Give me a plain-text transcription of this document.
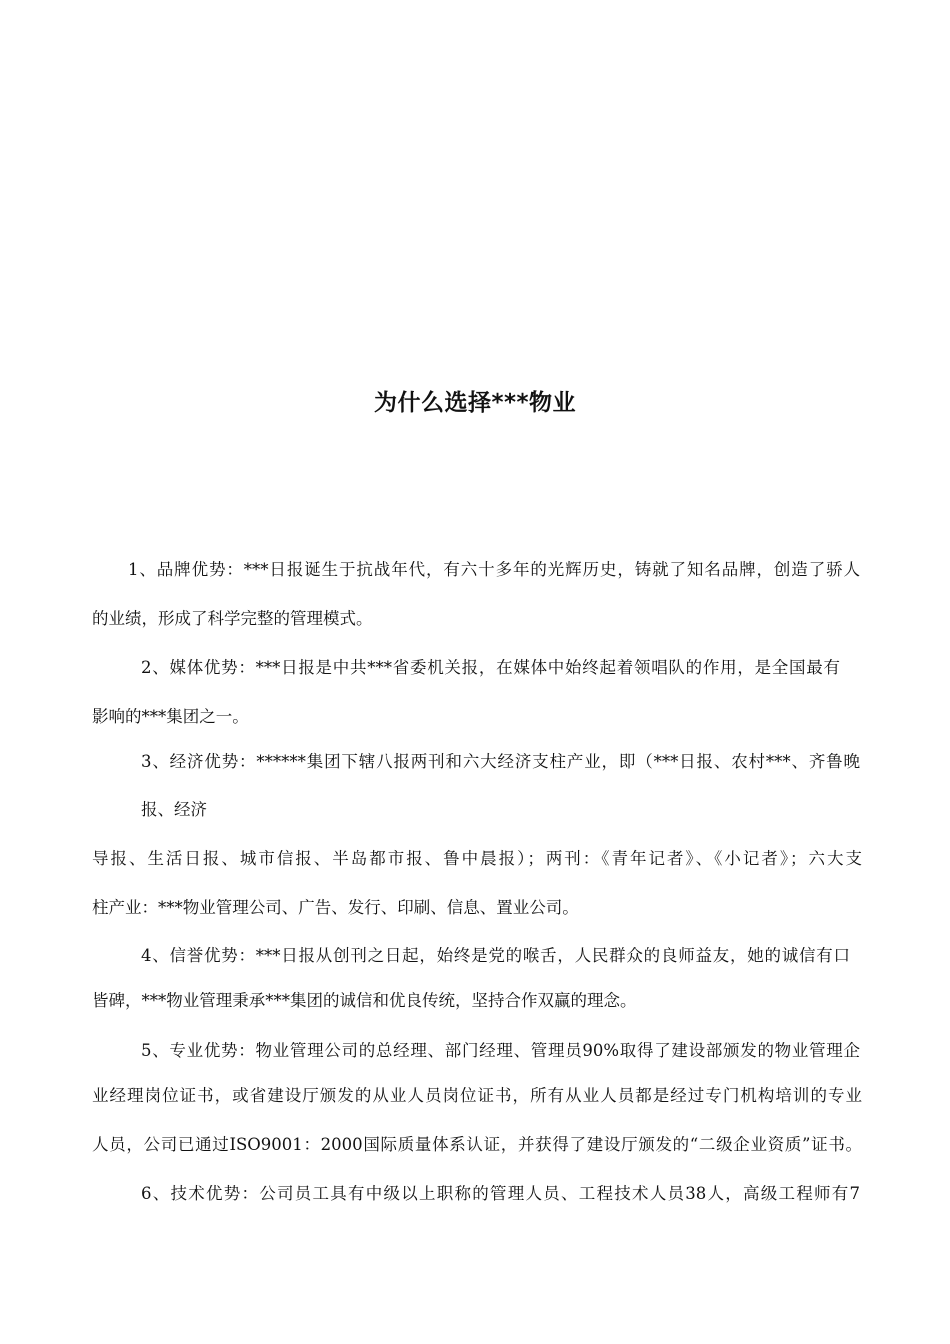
为什么选择***物业
1、品牌优势：***日报诞生于抗战年代，有六十多年的光辉历史，铸就了知名品牌，创造了骄人
的业绩，形成了科学完整的管理模式。
2、媒体优势：***日报是中共***省委机关报，在媒体中始终起着领唱队的作用，是全国最有
影响的***集团之一。
3、经济优势：******集团下辖八报两刊和六大经济支柱产业，即（***日报、农村***、齐鲁晚
报、经济
导报、生活日报、城市信报、半岛都市报、鲁中晨报）；两刊：《青年记者》、《小记者》；六大支
柱产业：***物业管理公司、广告、发行、印刷、信息、置业公司。
4、信誉优势：***日报从创刊之日起，始终是党的喉舌，人民群众的良师益友，她的诚信有口
皆碑，***物业管理秉承***集团的诚信和优良传统，坚持合作双赢的理念。
5、专业优势：物业管理公司的总经理、部门经理、管理员90%取得了建设部颁发的物业管理企
业经理岗位证书，或省建设厅颁发的从业人员岗位证书，所有从业人员都是经过专门机构培训的专业
人员，公司已通过ISO9001：2000国际质量体系认证，并获得了建设厅颁发的“二级企业资质”证书。
6、技术优势：公司员工具有中级以上职称的管理人员、工程技术人员38人，高级工程师有7
